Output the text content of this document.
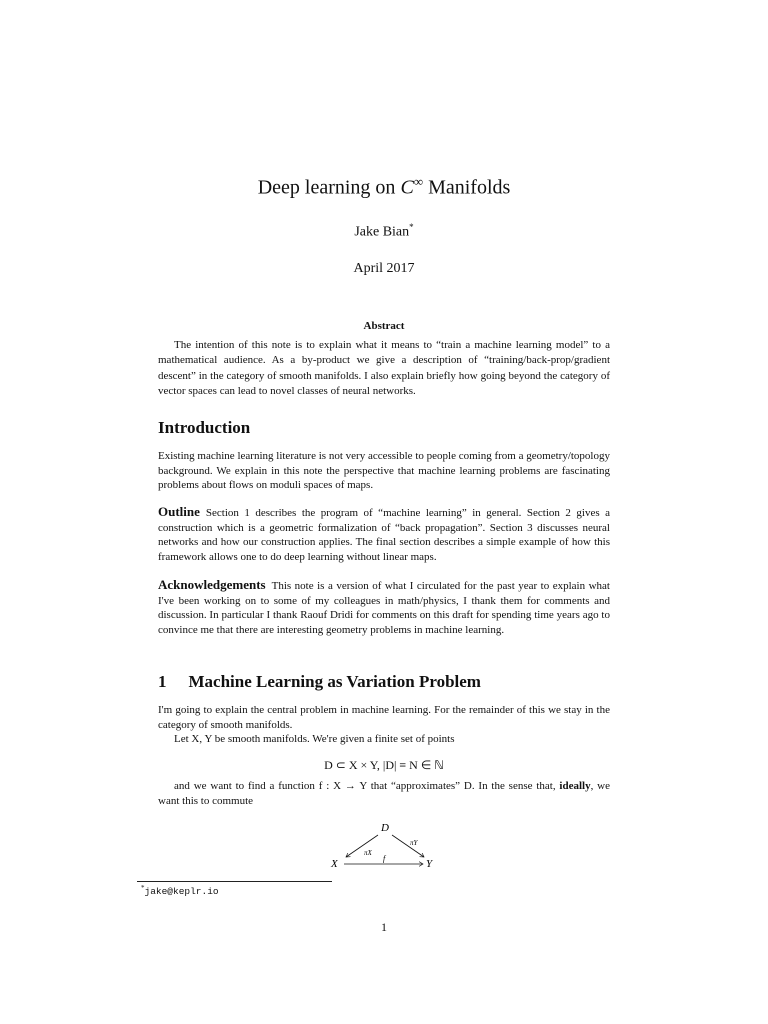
Deep learning on C∞ Manifolds
Jake Bian*
April 2017
Abstract
The intention of this note is to explain what it means to “train a machine learning model” to a mathematical audience. As a by-product we give a description of “training/back-prop/gradient descent” in the category of smooth manifolds. I also explain briefly how going beyond the category of vector spaces can lead to novel classes of neural networks.
Introduction
Existing machine learning literature is not very accessible to people coming from a geometry/topology background. We explain in this note the perspective that machine learning problems are fascinating problems about flows on moduli spaces of maps.
Outline Section 1 describes the program of “machine learning” in general. Section 2 gives a construction which is a geometric formalization of “back propagation”. Section 3 discusses neural networks and how our construction applies. The final section describes a simple example of how this framework allows one to do deep learning without linear maps.
Acknowledgements This note is a version of what I circulated for the past year to explain what I've been working on to some of my colleagues in math/physics, I thank them for comments and discussion. In particular I thank Raouf Dridi for comments on this draft for spending time years ago to convince me that there are interesting geometry problems in machine learning.
1 Machine Learning as Variation Problem
I'm going to explain the central problem in machine learning. For the remainder of this we stay in the category of smooth manifolds.
Let X, Y be smooth manifolds. We're given a finite set of points
D ⊂ X × Y, |D| ≡ N ∈ ℕ
and we want to find a function f : X → Y that “approximates” D. In the sense that, ideally, we want this to commute
D
X	Y
πX
πY
f
*jake@keplr.io
1
